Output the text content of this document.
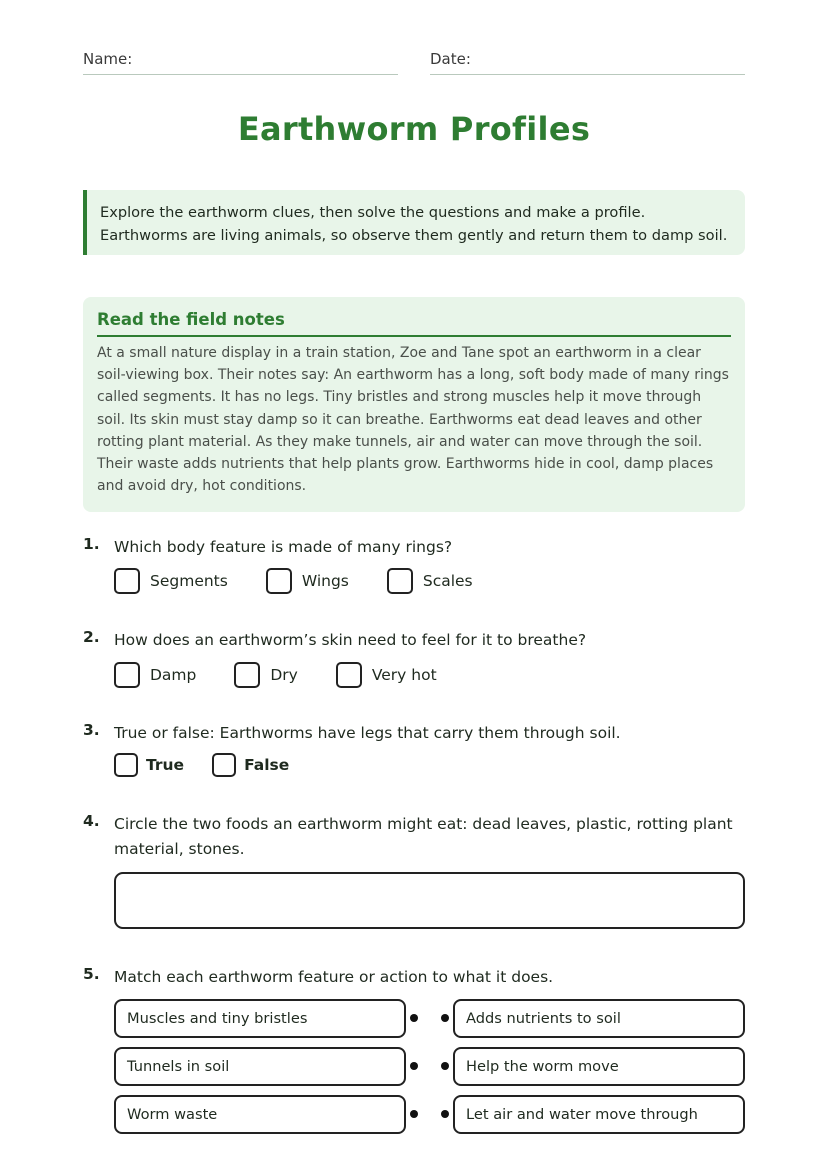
Name:	Date:
Earthworm Profiles
Explore the earthworm clues, then solve the questions and make a profile. Earthworms are living animals, so observe them gently and return them to damp soil.
Read the field notes
At a small nature display in a train station, Zoe and Tane spot an earthworm in a clear soil-viewing box. Their notes say: An earthworm has a long, soft body made of many rings called segments. It has no legs. Tiny bristles and strong muscles help it move through soil. Its skin must stay damp so it can breathe. Earthworms eat dead leaves and other rotting plant material. As they make tunnels, air and water can move through the soil. Their waste adds nutrients that help plants grow. Earthworms hide in cool, damp places and avoid dry, hot conditions.
1. Which body feature is made of many rings?
Segments	Wings	Scales
2. How does an earthworm’s skin need to feel for it to breathe?
Damp	Dry	Very hot
3. True or false: Earthworms have legs that carry them through soil.
True	False
4. Circle the two foods an earthworm might eat: dead leaves, plastic, rotting plant material, stones.
5. Match each earthworm feature or action to what it does.
Muscles and tiny bristles	Adds nutrients to soil
Tunnels in soil	Help the worm move
Worm waste	Let air and water move through
